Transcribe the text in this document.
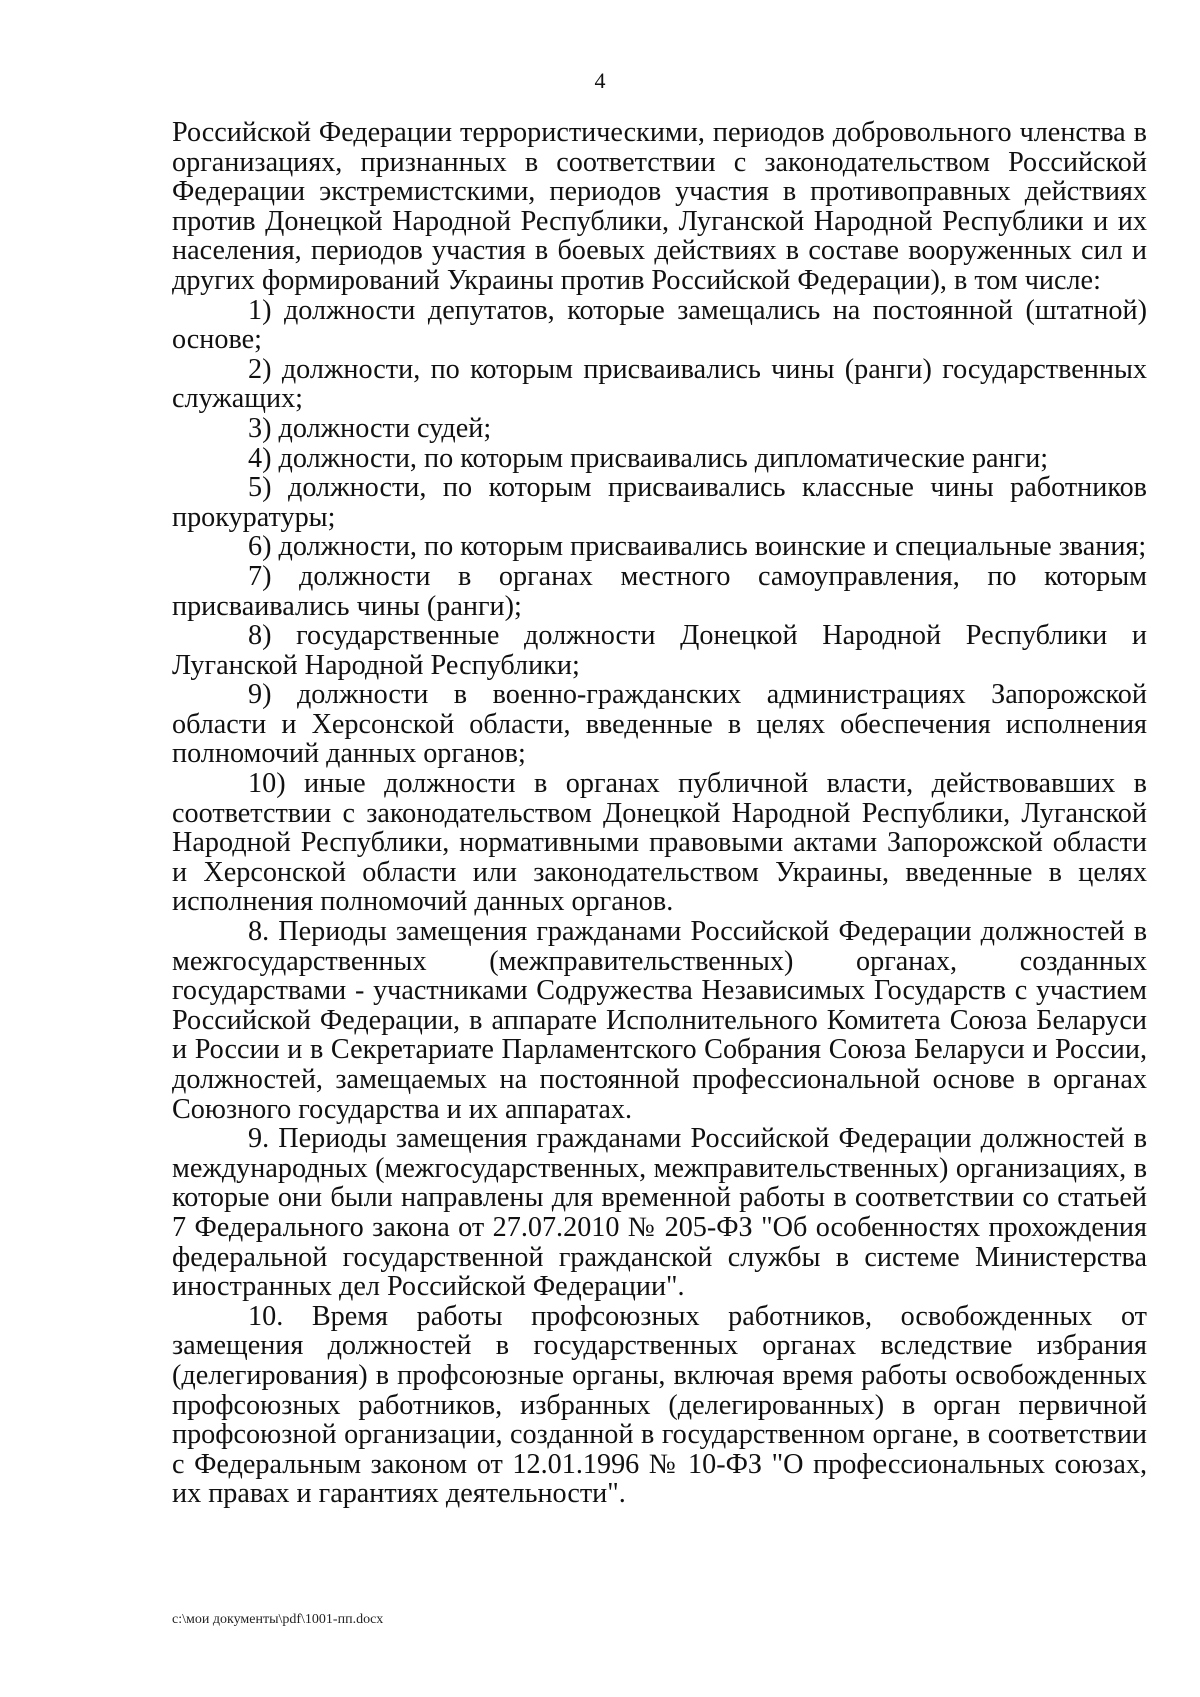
4

Российской Федерации террористическими, периодов добровольного членства в организациях, признанных в соответствии с законодательством Российской Федерации экстремистскими, периодов участия в противоправных действиях против Донецкой Народной Республики, Луганской Народной Республики и их населения, периодов участия в боевых действиях в составе вооруженных сил и других формирований Украины против Российской Федерации), в том числе:

1) должности депутатов, которые замещались на постоянной (штатной) основе;

2) должности, по которым присваивались чины (ранги) государственных служащих;

3) должности судей;

4) должности, по которым присваивались дипломатические ранги;

5) должности, по которым присваивались классные чины работников прокуратуры;

6) должности, по которым присваивались воинские и специальные звания;

7) должности в органах местного самоуправления, по которым присваивались чины (ранги);

8) государственные должности Донецкой Народной Республики и Луганской Народной Республики;

9) должности в военно-гражданских администрациях Запорожской области и Херсонской области, введенные в целях обеспечения исполнения полномочий данных органов;

10) иные должности в органах публичной власти, действовавших в соответствии с законодательством Донецкой Народной Республики, Луганской Народной Республики, нормативными правовыми актами Запорожской области и Херсонской области или законодательством Украины, введенные в целях исполнения полномочий данных органов.

8. Периоды замещения гражданами Российской Федерации должностей в межгосударственных (межправительственных) органах, созданных государствами - участниками Содружества Независимых Государств с участием Российской Федерации, в аппарате Исполнительного Комитета Союза Беларуси и России и в Секретариате Парламентского Собрания Союза Беларуси и России, должностей, замещаемых на постоянной профессиональной основе в органах Союзного государства и их аппаратах.

9. Периоды замещения гражданами Российской Федерации должностей в международных (межгосударственных, межправительственных) организациях, в которые они были направлены для временной работы в соответствии со статьей 7 Федерального закона от 27.07.2010 № 205-ФЗ "Об особенностях прохождения федеральной государственной гражданской службы в системе Министерства иностранных дел Российской Федерации".

10. Время работы профсоюзных работников, освобожденных от замещения должностей в государственных органах вследствие избрания (делегирования) в профсоюзные органы, включая время работы освобожденных профсоюзных работников, избранных (делегированных) в орган первичной профсоюзной организации, созданной в государственном органе, в соответствии с Федеральным законом от 12.01.1996 № 10-ФЗ "О профессиональных союзах, их правах и гарантиях деятельности".

c:\мои документы\pdf\1001-пп.docx
